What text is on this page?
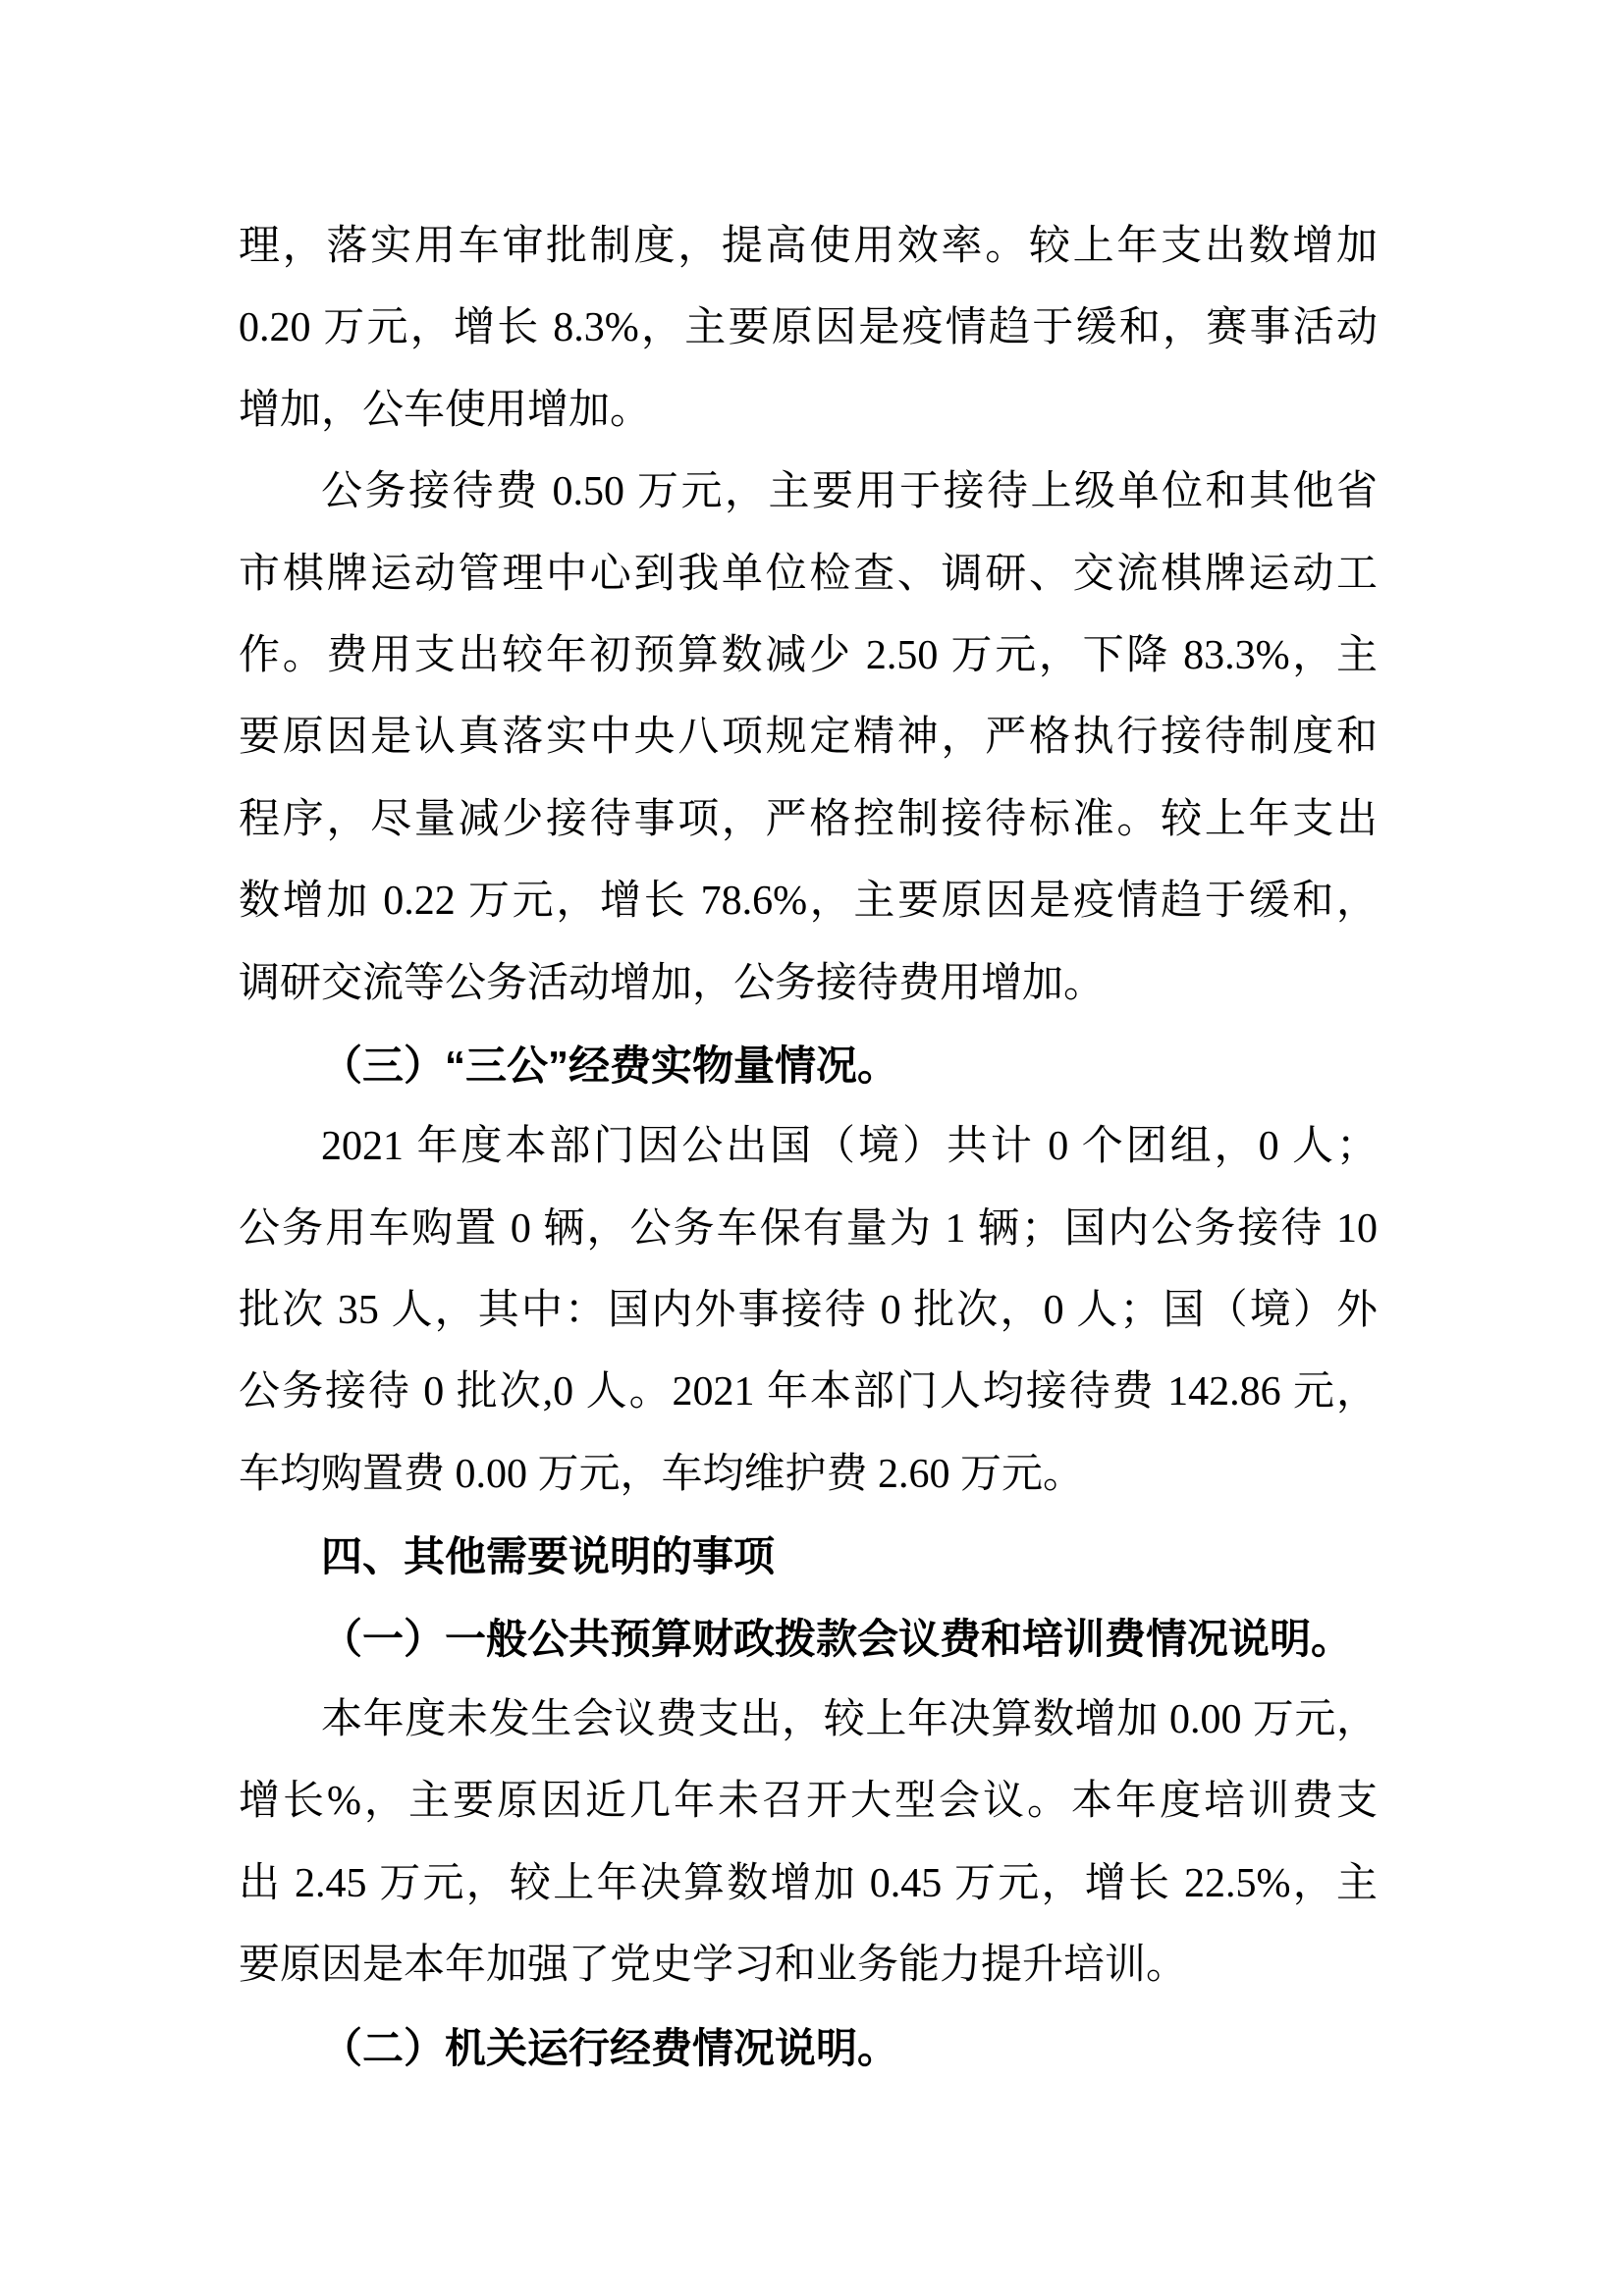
理，落实用车审批制度，提高使用效率。较上年支出数增加
0.20 万元，增长 8.3%，主要原因是疫情趋于缓和，赛事活动
增加，公车使用增加。
公务接待费 0.50 万元，主要用于接待上级单位和其他省
市棋牌运动管理中心到我单位检查、调研、交流棋牌运动工
作。费用支出较年初预算数减少 2.50 万元，下降 83.3%，主
要原因是认真落实中央八项规定精神，严格执行接待制度和
程序，尽量减少接待事项，严格控制接待标准。较上年支出
数增加 0.22 万元，增长 78.6%，主要原因是疫情趋于缓和，
调研交流等公务活动增加，公务接待费用增加。
（三）“三公”经费实物量情况。
2021 年度本部门因公出国（境）共计 0 个团组，0 人；
公务用车购置 0 辆，公务车保有量为 1 辆；国内公务接待 10
批次 35 人，其中：国内外事接待 0 批次，0 人；国（境）外
公务接待 0 批次,0 人。2021 年本部门人均接待费 142.86 元，
车均购置费 0.00 万元，车均维护费 2.60 万元。
四、其他需要说明的事项
（一）一般公共预算财政拨款会议费和培训费情况说明。
本年度未发生会议费支出，较上年决算数增加 0.00 万元，
增长%，主要原因近几年未召开大型会议。本年度培训费支
出 2.45 万元，较上年决算数增加 0.45 万元，增长 22.5%，主
要原因是本年加强了党史学习和业务能力提升培训。
（二）机关运行经费情况说明。
